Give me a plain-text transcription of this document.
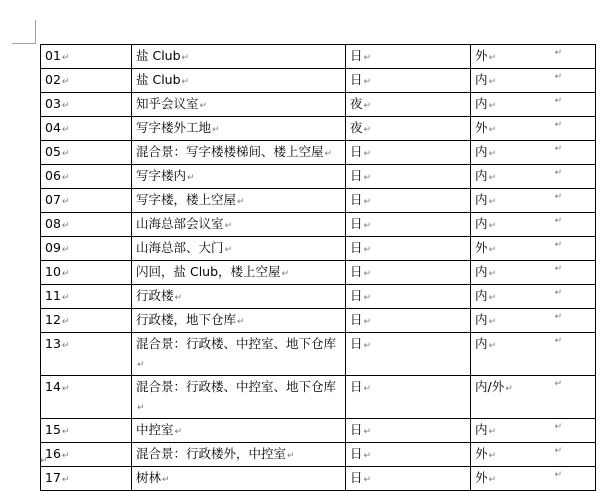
01↵	盐 Club↵	日↵	外↵
02↵	盐 Club↵	日↵	内↵
03↵	知乎会议室↵	夜↵	内↵
04↵	写字楼外工地↵	夜↵	外↵
05↵	混合景：写字楼楼梯间、楼上空屋↵	日↵	内↵
06↵	写字楼内↵	日↵	内↵
07↵	写字楼，楼上空屋↵	日↵	内↵
08↵	山海总部会议室↵	日↵	内↵
09↵	山海总部、大门↵	日↵	外↵
10↵	闪回，盐 Club，楼上空屋↵	日↵	内↵
11↵	行政楼↵	日↵	内↵
12↵	行政楼，地下仓库↵	日↵	内↵
13↵	混合景：行政楼、中控室、地下仓库↵	日↵	内↵
14↵	混合景：行政楼、中控室、地下仓库↵	日↵	内/外↵
15↵	中控室↵	日↵	内↵
16↵	混合景：行政楼外，中控室↵	日↵	外↵
17↵	树林↵	日↵	外↵
↵
↵
↵
↵
↵
↵
↵
↵
↵
↵
↵
↵
↵
↵
↵
↵
↵
↵
